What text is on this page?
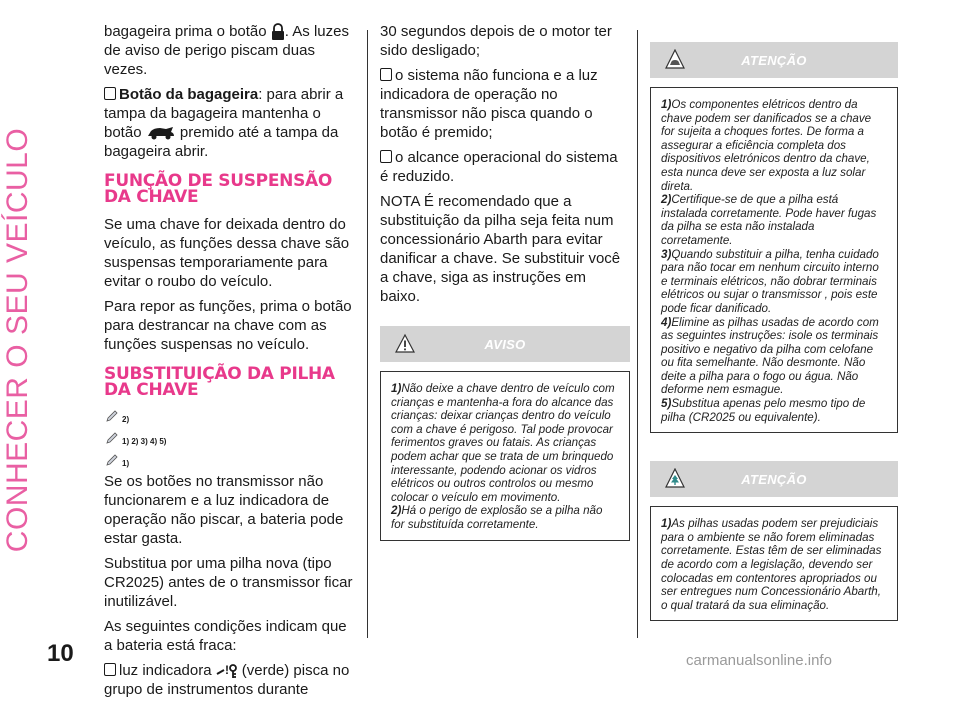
CONHECER O SEU VEÍCULO

bagageira prima o botão . As luzes de aviso de perigo piscam duas vezes.

Botão da bagageira: para abrir a tampa da bagageira mantenha o botão	premido até a tampa da bagageira abrir.

FUNÇÃO DE SUSPENSÃO DA CHAVE

Se uma chave for deixada dentro do veículo, as funções dessa chave são suspensas temporariamente para evitar o roubo do veículo.

Para repor as funções, prima o botão para destrancar na chave com as funções suspensas no veículo.

SUBSTITUIÇÃO DA PILHA DA CHAVE
2)
1) 2) 3) 4) 5)
1)

Se os botões no transmissor não funcionarem e a luz indicadora de operação não piscar, a bateria pode estar gasta.

Substitua por uma pilha nova (tipo CR2025) antes de o transmissor ficar inutilizável.

As seguintes condições indicam que a bateria está fraca:

luz indicadora ! (verde) pisca no grupo de instrumentos durante

30 segundos depois de o motor ter sido desligado;

o sistema não funciona e a luz indicadora de operação no transmissor não pisca quando o botão é premido;

o alcance operacional do sistema é reduzido.

NOTA É recomendado que a substituição da pilha seja feita num concessionário Abarth para evitar danificar a chave. Se substituir você a chave, siga as instruções em baixo.

AVISO
1)Não deixe a chave dentro de veículo com crianças e mantenha-a fora do alcance das crianças: deixar crianças dentro do veículo com a chave é perigoso. Tal pode provocar ferimentos graves ou fatais. As crianças podem achar que se trata de um brinquedo interessante, podendo acionar os vidros elétricos ou outros controlos ou mesmo colocar o veículo em movimento.
2)Há o perigo de explosão se a pilha não for substituída corretamente.
ATENÇÃO
1)Os componentes elétricos dentro da chave podem ser danificados se a chave for sujeita a choques fortes. De forma a assegurar a eficiência completa dos dispositivos eletrónicos dentro da chave, esta nunca deve ser exposta a luz solar direta.
2)Certifique-se de que a pilha está instalada corretamente. Pode haver fugas da pilha se esta não instalada corretamente.
3)Quando substituir a pilha, tenha cuidado para não tocar em nenhum circuito interno e terminais elétricos, não dobrar terminais elétricos ou sujar o transmissor , pois este pode ficar danificado.
4)Elimine as pilhas usadas de acordo com as seguintes instruções: isole os terminais positivo e negativo da pilha com celofane ou fita semelhante. Não desmonte. Não deite a pilha para o fogo ou água. Não deforme nem esmague.
5)Substitua apenas pelo mesmo tipo de pilha (CR2025 ou equivalente).
ATENÇÃO
1)As pilhas usadas podem ser prejudiciais para o ambiente se não forem eliminadas corretamente. Estas têm de ser eliminadas de acordo com a legislação, devendo ser colocadas em contentores apropriados ou ser entregues num Concessionário Abarth, o qual tratará da sua eliminação.
10	carmanualsonline.info
